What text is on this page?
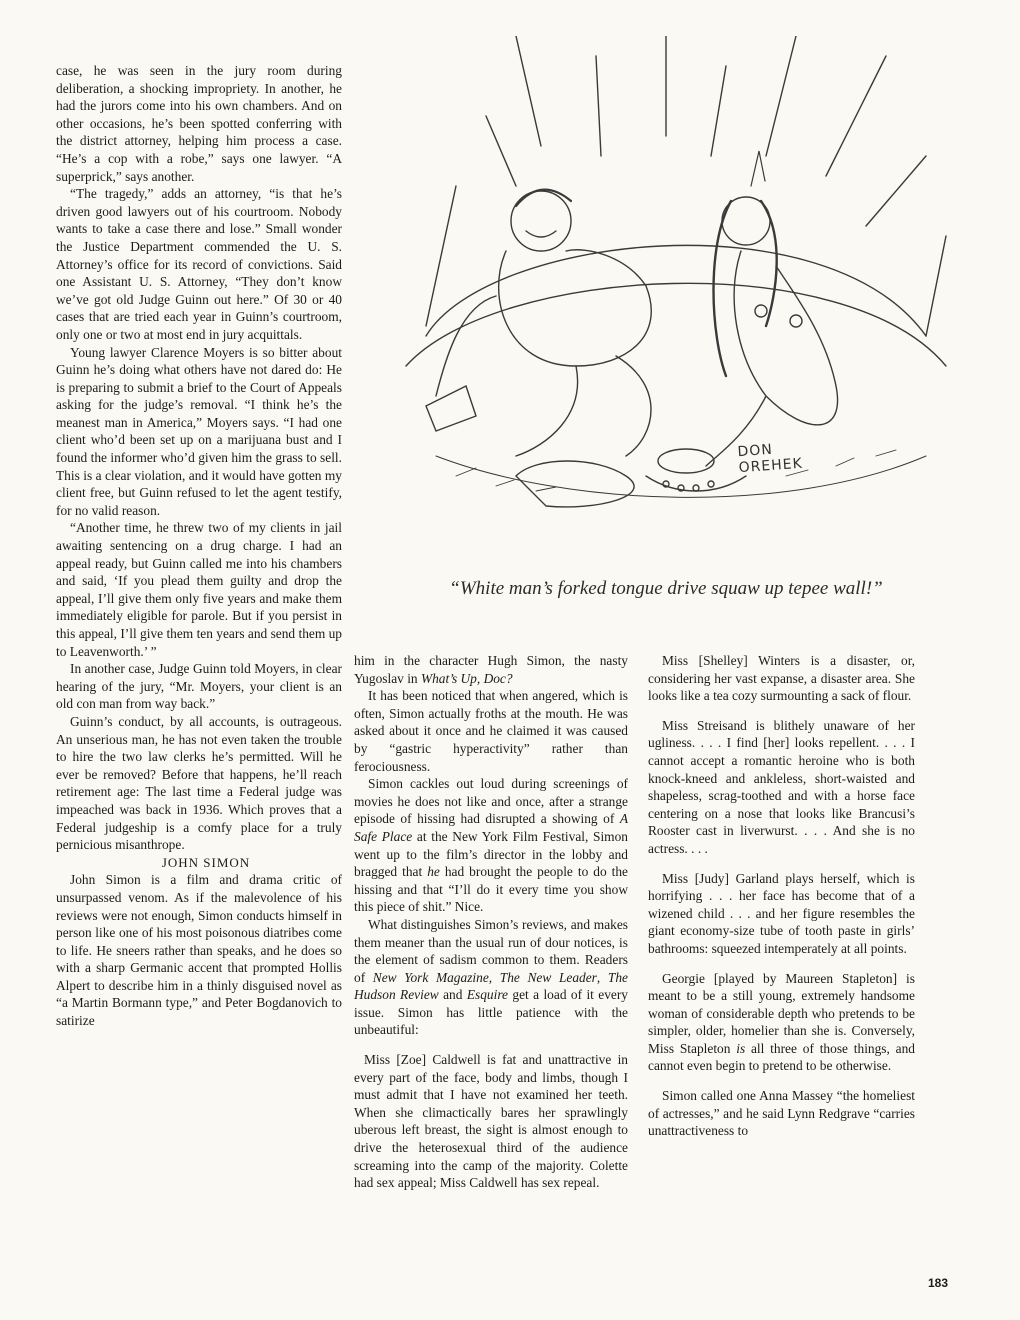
case, he was seen in the jury room during deliberation, a shocking impropriety. In another, he had the jurors come into his own chambers. And on other occasions, he’s been spotted conferring with the district attorney, helping him process a case. “He’s a cop with a robe,” says one lawyer. “A superprick,” says another.

“The tragedy,” adds an attorney, “is that he’s driven good lawyers out of his courtroom. Nobody wants to take a case there and lose.” Small wonder the Justice Department commended the U. S. Attorney’s office for its record of convictions. Said one Assistant U. S. Attorney, “They don’t know we’ve got old Judge Guinn out here.” Of 30 or 40 cases that are tried each year in Guinn’s courtroom, only one or two at most end in jury acquittals.

Young lawyer Clarence Moyers is so bitter about Guinn he’s doing what others have not dared do: He is preparing to submit a brief to the Court of Appeals asking for the judge’s removal. “I think he’s the meanest man in America,” Moyers says. “I had one client who’d been set up on a marijuana bust and I found the informer who’d given him the grass to sell. This is a clear violation, and it would have gotten my client free, but Guinn refused to let the agent testify, for no valid reason.

“Another time, he threw two of my clients in jail awaiting sentencing on a drug charge. I had an appeal ready, but Guinn called me into his chambers and said, ‘If you plead them guilty and drop the appeal, I’ll give them only five years and make them immediately eligible for parole. But if you persist in this appeal, I’ll give them ten years and send them up to Leavenworth.’ ”

In another case, Judge Guinn told Moyers, in clear hearing of the jury, “Mr. Moyers, your client is an old con man from way back.”

Guinn’s conduct, by all accounts, is outrageous. An unserious man, he has not even taken the trouble to hire the two law clerks he’s permitted. Will he ever be removed? Before that happens, he’ll reach retirement age: The last time a Federal judge was impeached was back in 1936. Which proves that a Federal judgeship is a comfy place for a truly pernicious misanthrope.

JOHN SIMON

John Simon is a film and drama critic of unsurpassed venom. As if the malevolence of his reviews were not enough, Simon conducts himself in person like one of his most poisonous diatribes come to life. He sneers rather than speaks, and he does so with a sharp Germanic accent that prompted Hollis Alpert to describe him in a thinly disguised novel as “a Martin Bormann type,” and Peter Bogdanovich to satirize

DON
OREHEK
“White man’s forked tongue drive squaw up tepee wall!”

him in the character Hugh Simon, the nasty Yugoslav in What’s Up, Doc?

It has been noticed that when angered, which is often, Simon actually froths at the mouth. He was asked about it once and he claimed it was caused by “gastric hyperactivity” rather than ferociousness.

Simon cackles out loud during screenings of movies he does not like and once, after a strange episode of hissing had disrupted a showing of A Safe Place at the New York Film Festival, Simon went up to the film’s director in the lobby and bragged that he had brought the people to do the hissing and that “I’ll do it every time you show this piece of shit.” Nice.

What distinguishes Simon’s reviews, and makes them meaner than the usual run of dour notices, is the element of sadism common to them. Readers of New York Magazine, The New Leader, The Hudson Review and Esquire get a load of it every issue. Simon has little patience with the unbeautiful:

Miss [Zoe] Caldwell is fat and unattractive in every part of the face, body and limbs, though I must admit that I have not examined her teeth. When she climactically bares her sprawlingly uberous left breast, the sight is almost enough to drive the heterosexual third of the audience screaming into the camp of the majority. Colette had sex appeal; Miss Caldwell has sex repeal.

Miss [Shelley] Winters is a disaster, or, considering her vast expanse, a disaster area. She looks like a tea cozy surmounting a sack of flour.

Miss Streisand is blithely unaware of her ugliness. . . . I find [her] looks repellent. . . . I cannot accept a romantic heroine who is both knock-kneed and ankleless, short-waisted and shapeless, scrag-toothed and with a horse face centering on a nose that looks like Brancusi’s Rooster cast in liverwurst. . . . And she is no actress. . . .

Miss [Judy] Garland plays herself, which is horrifying . . . her face has become that of a wizened child . . . and her figure resembles the giant economy-size tube of tooth paste in girls’ bathrooms: squeezed intemperately at all points.

Georgie [played by Maureen Stapleton] is meant to be a still young, extremely handsome woman of considerable depth who pretends to be simpler, older, homelier than she is. Conversely, Miss Stapleton is all three of those things, and cannot even begin to pretend to be otherwise.

Simon called one Anna Massey “the homeliest of actresses,” and he said Lynn Redgrave “carries unattractiveness to

183
